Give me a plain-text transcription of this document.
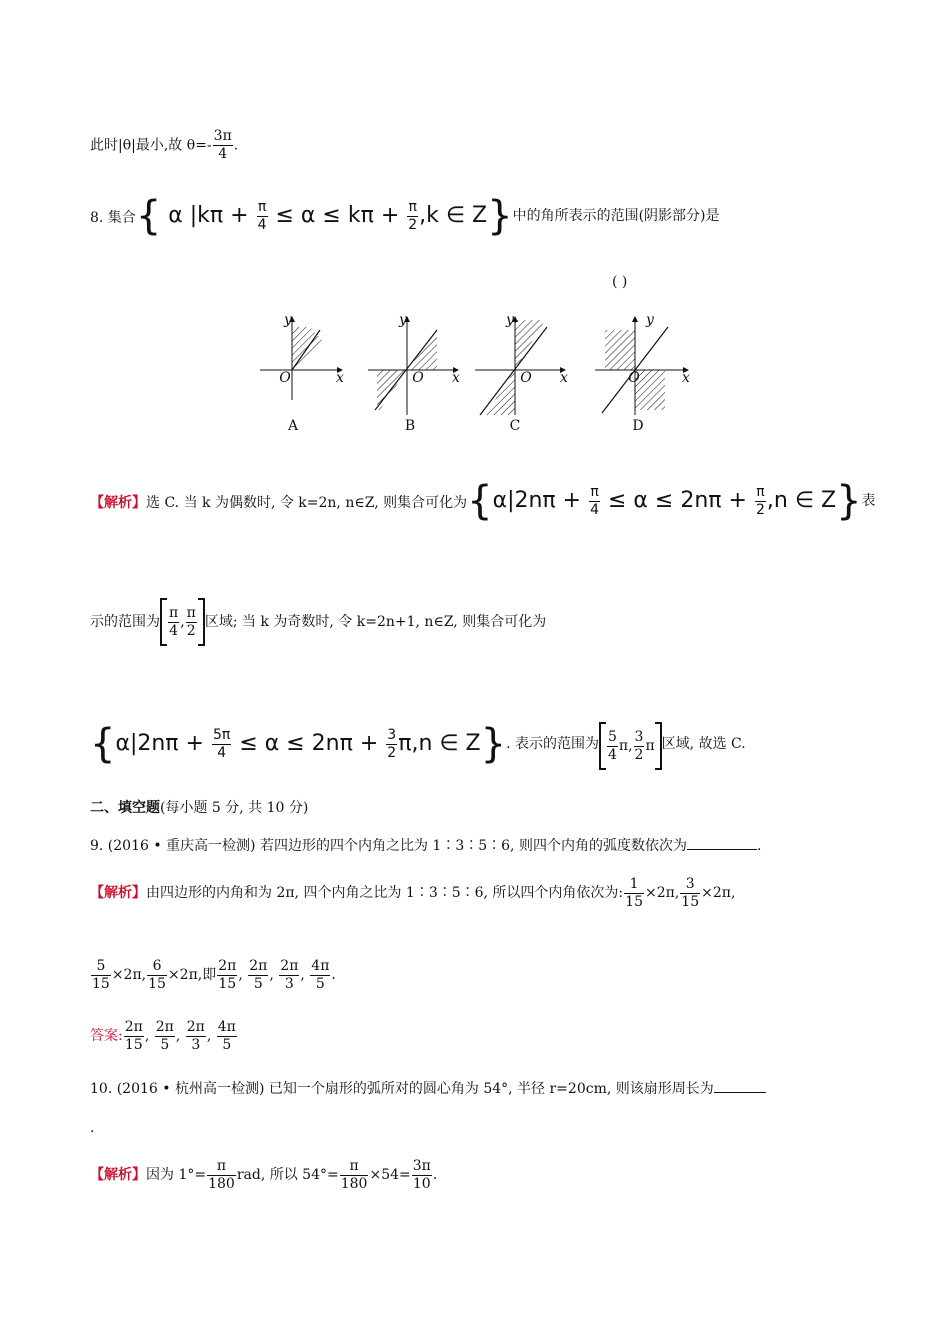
此时|θ|最小,故 $\theta=- \frac{3\pi}{4}$ .
8. 集合{ α $|k\pi + \frac{\pi}{4} \le \alpha \le k\pi + \frac{\pi}{2} ,k$ ∈ Z}中的角所表示的范围(阴影部分)是
( )
y
x
O
y
x
O
y
x
O
y
x
O
A	B	C	D
【解析】选 C. 当 k 为偶数时, 令 k=2n, n∈Z, 则集合可化为{$\alpha|2n\pi + \frac{\pi}{4} \le \alpha \le 2n\pi + \frac{\pi}{2} ,n$ ∈ Z}表
示的范围为 $\frac{\pi}{4}$ , $\frac{\pi}{2}$ 区域; 当 k 为奇数时, 令 k=2n+1, n∈Z, 则集合可化为
{$\alpha|2n\pi + \frac{5\pi}{4} \le \alpha \le 2n\pi + \frac{3}{2} \pi,n$ ∈ Z}. 表示的范围为 $\frac{5}{4} \pi$, $\frac{3}{2}$ π 区域, 故选 C.
二、填空题(每小题 5 分, 共 10 分)
9. (2016 • 重庆高一检测) 若四边形的四个内角之比为 1∶3∶5∶6, 则四个内角的弧度数依次为	.
【解析】由四边形的内角和为 2π, 四个内角之比为 1∶3∶5∶6, 所以四个内角依次为: $\frac{1}{15} \times 2\pi$, $\frac{3}{15} \times 2\pi$,
$\frac{5}{15} \times 2\pi$, $\frac{6}{15} \times 2\pi$,即 $\frac{2\pi}{15}$ , $\frac{2\pi}{5}$ , $\frac{2\pi}{3}$ , $\frac{4\pi}{5}$ .
答案: $\frac{2\pi}{15}$ , $\frac{2\pi}{5}$ , $\frac{2\pi}{3}$ , $\frac{4\pi}{5}$
10. (2016 • 杭州高一检测) 已知一个扇形的弧所对的圆心角为 54°, 半径 r=20cm, 则该扇形周长为
.
【解析】因为 $1^\circ= \frac{\pi}{180}$ rad, 所以 $54^\circ= \frac{\pi}{180} \times 54= \frac{3\pi}{10}$ .
